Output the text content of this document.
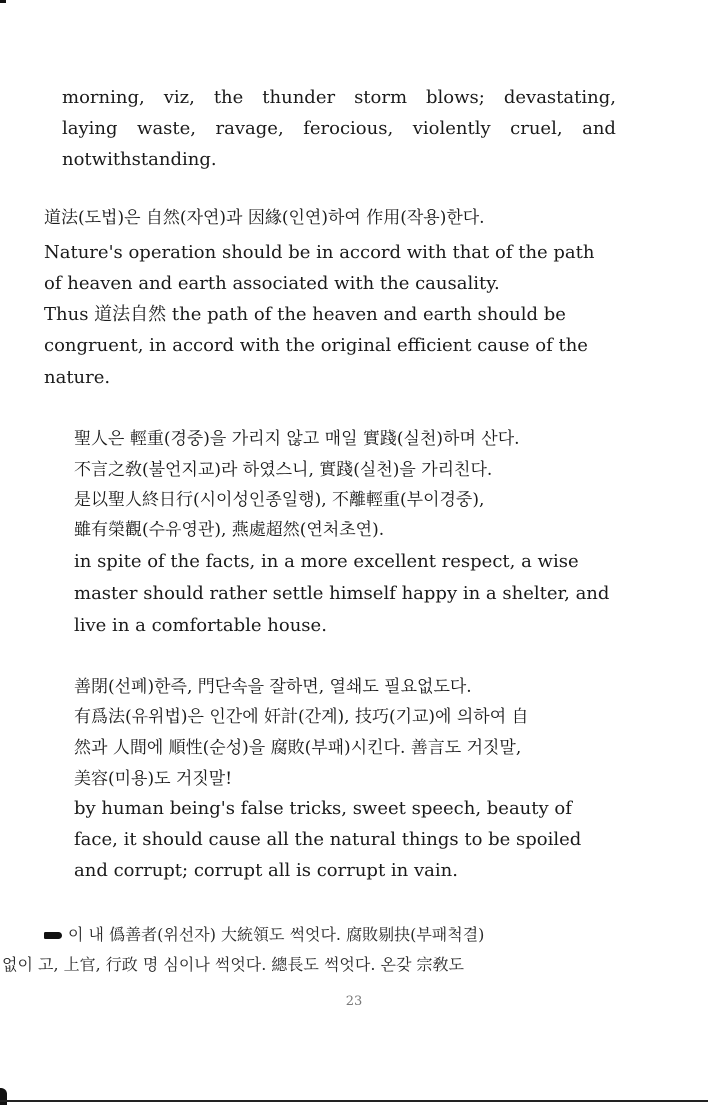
morning, viz, the thunder storm blows; devastating,
laying waste, ravage, ferocious, violently cruel, and
notwithstanding.
道法(도법)은 自然(자연)과 因緣(인연)하여 作用(작용)한다.
Nature's operation should be in accord with that of the path
of heaven and earth associated with the causality.
Thus 道法自然 the path of the heaven and earth should be
congruent, in accord with the original efficient cause of the
nature.
聖人은 輕重(경중)을 가리지 않고 매일 實踐(실천)하며 산다.
不言之敎(불언지교)라 하였스니, 實踐(실천)을 가리친다.
是以聖人終日行(시이성인종일행), 不離輕重(부이경중),
雖有榮觀(수유영관), 燕處超然(연처초연).
in spite of the facts, in a more excellent respect, a wise
master should rather settle himself happy in a shelter, and
live in a comfortable house.
善閉(선폐)한즉, 門단속을 잘하면, 열쇄도 필요없도다.
有爲法(유위법)은 인간에 奸計(간계), 技巧(기교)에 의하여 自
然과 人間에 順性(순성)을 腐敗(부패)시킨다. 善言도 거짓말,
美容(미용)도 거짓말!
by human being's false tricks, sweet speech, beauty of
face, it should cause all the natural things to be spoiled
and corrupt; corrupt all is corrupt in vain.
이 내 僞善者(위선자) 大統領도 썩엇다. 腐敗剔抉(부패척결)
없이 고, 上官, 行政 명 심이나 썩엇다. 總長도 썩엇다. 온갖 宗敎도
23
